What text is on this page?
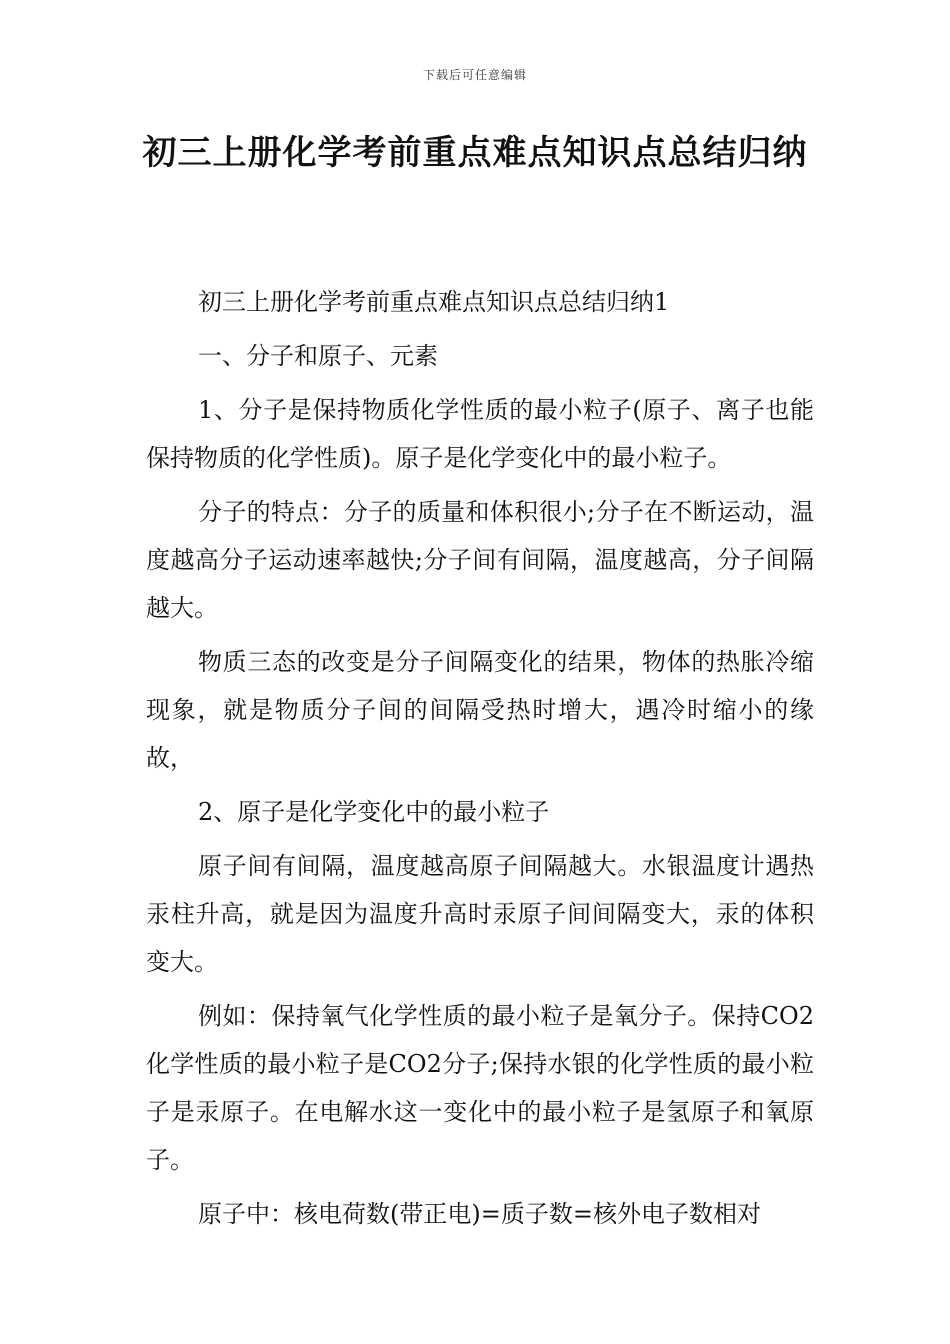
下载后可任意编辑
初三上册化学考前重点难点知识点总结归纳

初三上册化学考前重点难点知识点总结归纳1

一、分子和原子、元素

1、分子是保持物质化学性质的最小粒子(原子、离子也能保持物质的化学性质)。原子是化学变化中的最小粒子。

分子的特点：分子的质量和体积很小;分子在不断运动，温度越高分子运动速率越快;分子间有间隔，温度越高，分子间隔越大。

物质三态的改变是分子间隔变化的结果，物体的热胀冷缩现象，就是物质分子间的间隔受热时增大，遇冷时缩小的缘故，

2、原子是化学变化中的最小粒子

原子间有间隔，温度越高原子间隔越大。水银温度计遇热汞柱升高，就是因为温度升高时汞原子间间隔变大，汞的体积变大。

例如：保持氧气化学性质的最小粒子是氧分子。保持CO2化学性质的最小粒子是CO2分子;保持水银的化学性质的最小粒子是汞原子。在电解水这一变化中的最小粒子是氢原子和氧原子。

原子中：核电荷数(带正电)=质子数=核外电子数相对
